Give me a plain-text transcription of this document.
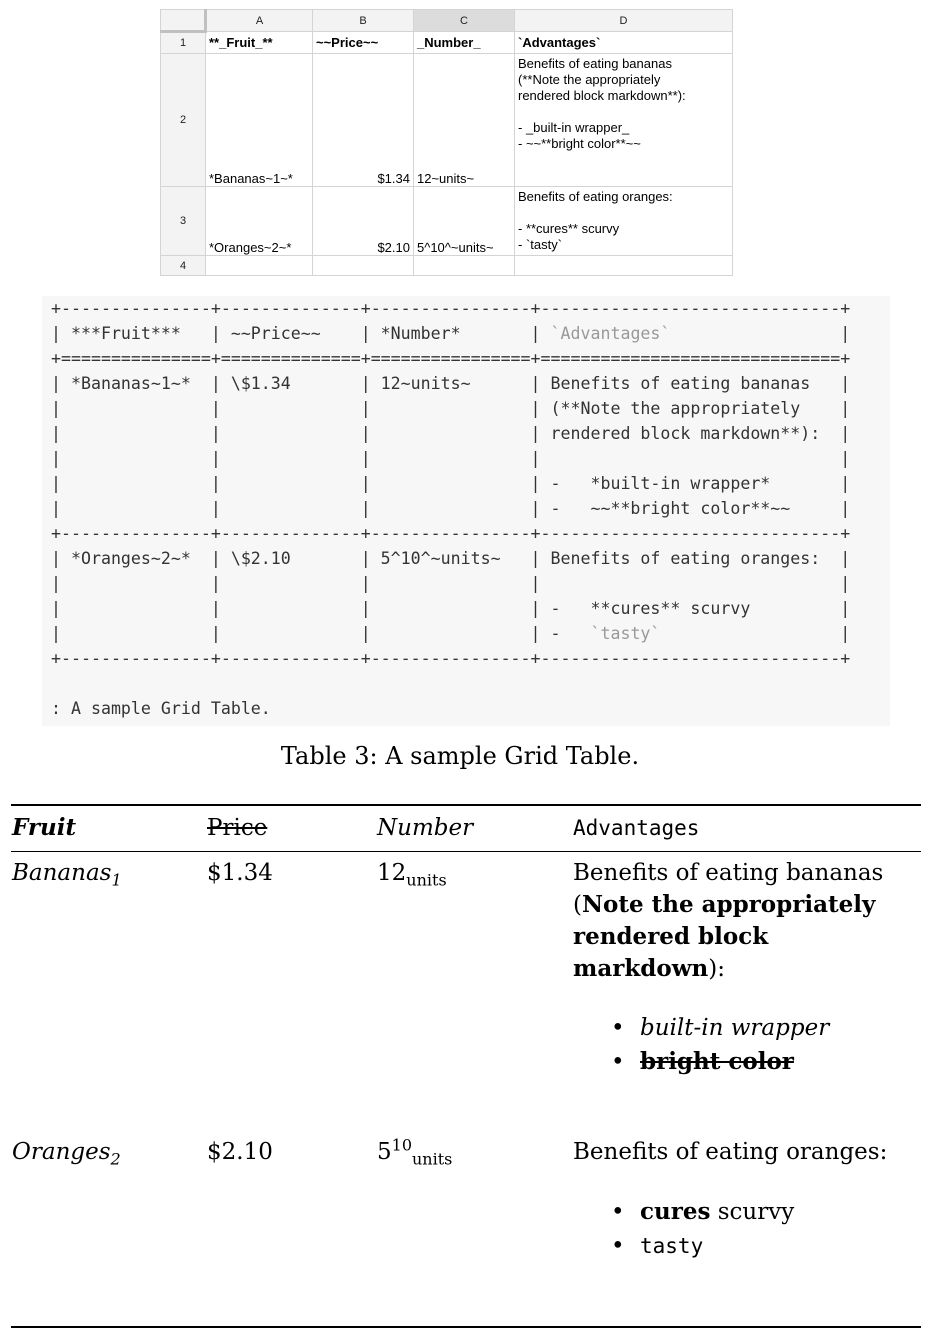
	A	B	C	D
1	**_Fruit_**	~~Price~~	_Number_	`Advantages`
2	*Bananas~1~*	$1.34	12~units~	Benefits of eating bananas
(**Note the appropriately
rendered block markdown**):

- _built-in wrapper_
- ~~**bright color**~~
3	*Oranges~2~*	$2.10	5^10^~units~	Benefits of eating oranges:

- **cures** scurvy
- `tasty`
4				
+---------------+--------------+----------------+------------------------------+
| ***Fruit***   | ~~Price~~    | *Number*       | `Advantages`                 |
+===============+==============+================+==============================+
| *Bananas~1~*  | \$1.34       | 12~units~      | Benefits of eating bananas   |
|               |              |                | (**Note the appropriately    |
|               |              |                | rendered block markdown**):  |
|               |              |                |                              |
|               |              |                | -   *built-in wrapper*       |
|               |              |                | -   ~~**bright color**~~     |
+---------------+--------------+----------------+------------------------------+
| *Oranges~2~*  | \$2.10       | 5^10^~units~   | Benefits of eating oranges:  |
|               |              |                |                              |
|               |              |                | -   **cures** scurvy         |
|               |              |                | -   `tasty`                  |
+---------------+--------------+----------------+------------------------------+

: A sample Grid Table.
Table 3: A sample Grid Table.
Fruit	Price	Number	Advantages
Bananas$_1$	$1.34	$12_{units}$	Benefits of eating bananas
(Note the appropriately
rendered block
markdown):
• built-in wrapper
• bright color
Oranges$_2$	$2.10	$5^{10}_{units}$	Benefits of eating oranges:
• cures scurvy
• tasty
